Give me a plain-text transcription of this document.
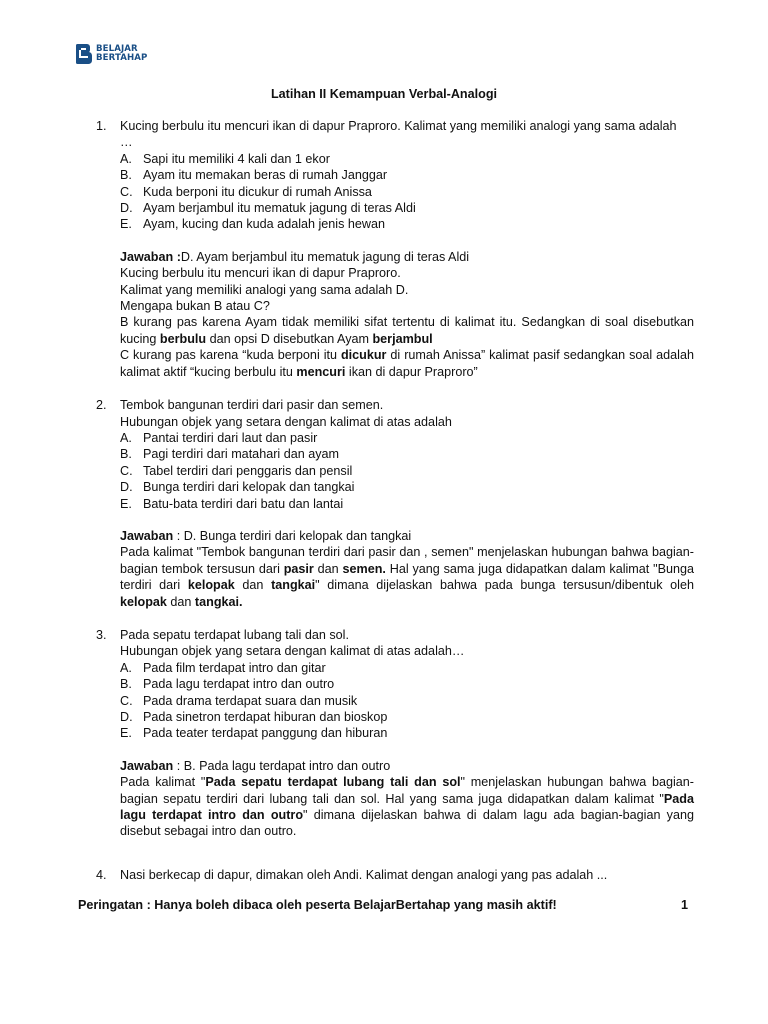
BELAJAR
BERTAHAP
Latihan II Kemampuan Verbal-Analogi
1. Kucing berbulu itu mencuri ikan di dapur Praproro. Kalimat yang memiliki analogi yang sama adalah
…
A. Sapi itu memiliki 4 kali dan 1 ekor
B. Ayam itu memakan beras di rumah Janggar
C. Kuda berponi itu dicukur di rumah Anissa
D. Ayam berjambul itu mematuk jagung di teras Aldi
E. Ayam, kucing dan kuda adalah jenis hewan
Jawaban :D. Ayam berjambul itu mematuk jagung di teras Aldi
Kucing berbulu itu mencuri ikan di dapur Praproro.
Kalimat yang memiliki analogi yang sama adalah D.
Mengapa bukan B atau C?
B kurang pas karena Ayam tidak memiliki sifat tertentu di kalimat itu. Sedangkan di soal disebutkan kucing berbulu dan opsi D disebutkan Ayam berjambul
C kurang pas karena “kuda berponi itu dicukur di rumah Anissa” kalimat pasif sedangkan soal adalah kalimat aktif “kucing berbulu itu mencuri ikan di dapur Praproro”
2. Tembok bangunan terdiri dari pasir dan semen.
Hubungan objek yang setara dengan kalimat di atas adalah
A. Pantai terdiri dari laut dan pasir
B. Pagi terdiri dari matahari dan ayam
C. Tabel terdiri dari penggaris dan pensil
D. Bunga terdiri dari kelopak dan tangkai
E. Batu-bata terdiri dari batu dan lantai
Jawaban : D. Bunga terdiri dari kelopak dan tangkai
Pada kalimat "Tembok bangunan terdiri dari pasir dan , semen" menjelaskan hubungan bahwa bagian-bagian tembok tersusun dari pasir dan semen. Hal yang sama juga didapatkan dalam kalimat "Bunga terdiri dari kelopak dan tangkai" dimana dijelaskan bahwa pada bunga tersusun/dibentuk oleh kelopak dan tangkai.
3. Pada sepatu terdapat lubang tali dan sol.
Hubungan objek yang setara dengan kalimat di atas adalah…
A. Pada film terdapat intro dan gitar
B. Pada lagu terdapat intro dan outro
C. Pada drama terdapat suara dan musik
D. Pada sinetron terdapat hiburan dan bioskop
E. Pada teater terdapat panggung dan hiburan
Jawaban : B. Pada lagu terdapat intro dan outro
Pada kalimat "Pada sepatu terdapat lubang tali dan sol" menjelaskan hubungan bahwa bagian-bagian sepatu terdiri dari lubang tali dan sol. Hal yang sama juga didapatkan dalam kalimat "Pada lagu terdapat intro dan outro" dimana dijelaskan bahwa di dalam lagu ada bagian-bagian yang disebut sebagai intro dan outro.
4. Nasi berkecap di dapur, dimakan oleh Andi. Kalimat dengan analogi yang pas adalah ...
Peringatan : Hanya boleh dibaca oleh peserta BelajarBertahap yang masih aktif!	1
